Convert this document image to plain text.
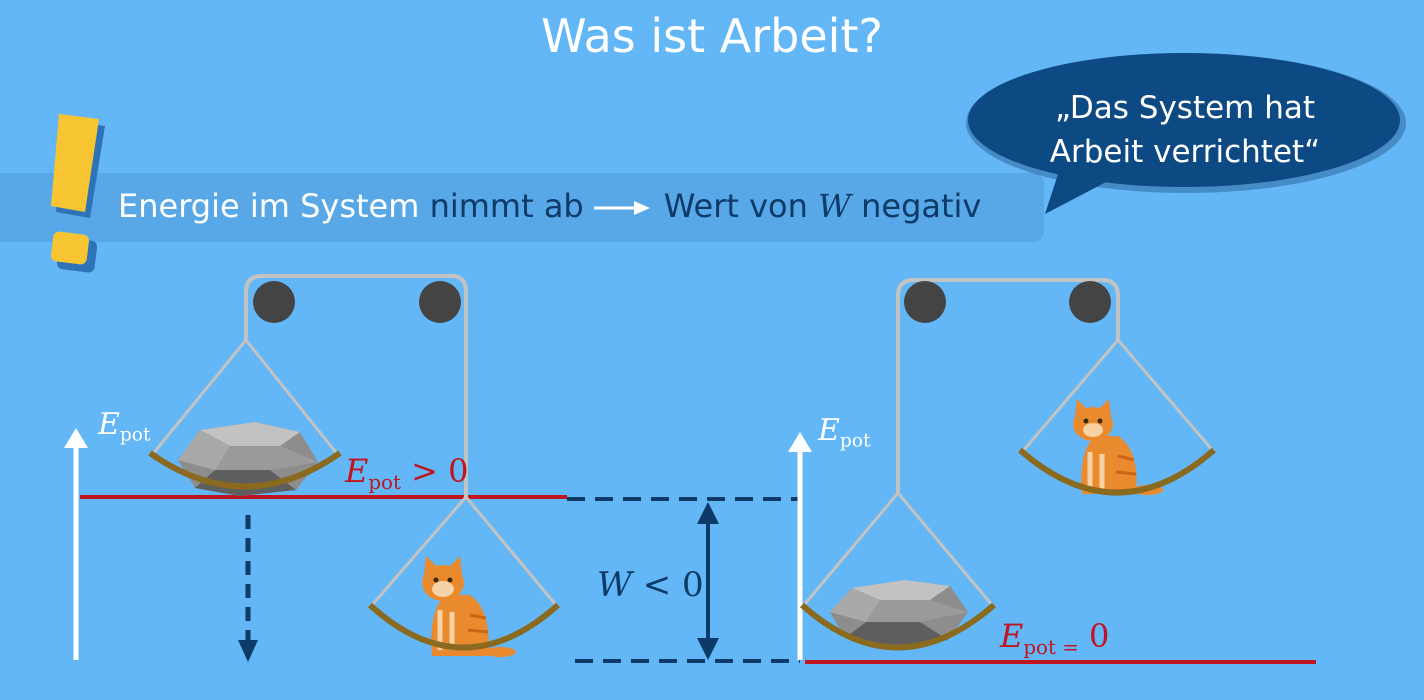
Was ist Arbeit?
Energie im System nimmt ab	Wert von W negativ
„Das System hat
Arbeit verrichtet“
$E_{pot}$
$E_{pot} > 0$
W < 0
$E_{pot}$
$E_{pot =}$ 0
